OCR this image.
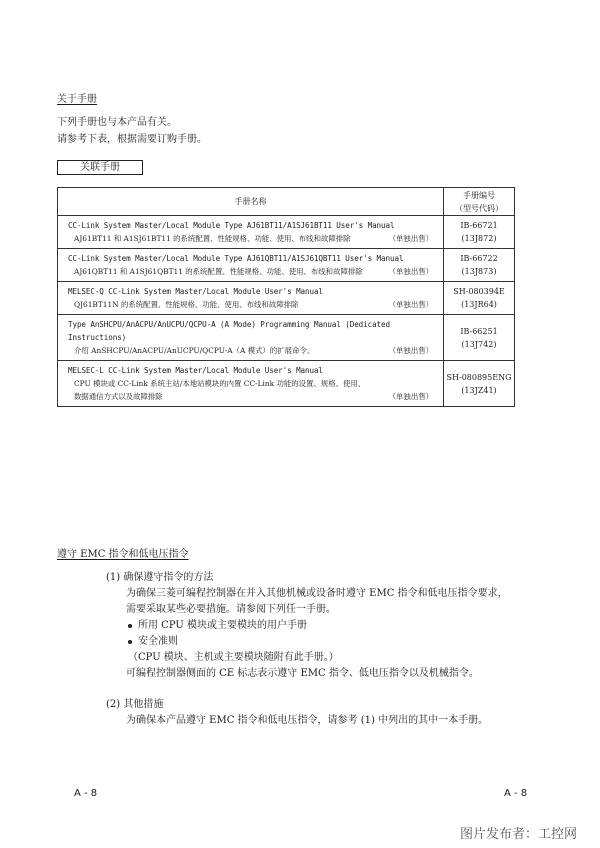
关于手册
下列手册也与本产品有关。
请参考下表，根据需要订购手册。
关联手册
手册名称	手册编号
（型号代码）

CC-Link System Master/Local Module Type AJ61BT11/A1SJ61BT11 User's Manual
AJ61BT11 和 A1SJ61BT11 的系统配置、性能规格、功能、使用、布线和故障排除 （单独出售）	IB-66721
(13J872)

CC-Link System Master/Local Module Type AJ61QBT11/A1SJ61QBT11 User's Manual
AJ61QBT11 和 A1SJ61QBT11 的系统配置、性能规格、功能、使用、布线和故障排除 （单独出售）	IB-66722
(13J873)

MELSEC-Q CC-Link System Master/Local Module User's Manual
QJ61BT11N 的系统配置、性能规格、功能、使用、布线和故障排除 （单独出售）	SH-080394E
(13JR64)

Type AnSHCPU/AnACPU/AnUCPU/QCPU-A (A Mode) Programming Manual (Dedicated Instructions)
介绍 AnSHCPU/AnACPU/AnUCPU/QCPU-A（A 模式）的扩展命令。 （单独出售）	IB-66251
(13J742)

MELSEC-L CC-Link System Master/Local Module User's Manual
CPU 模块或 CC-Link 系统主站/本地站模块的内置 CC-Link 功能的设置、规格、使用、
数据通信方式以及故障排除 （单独出售）	SH-080895ENG
(13JZ41)
遵守 EMC 指令和低电压指令
(1) 确保遵守指令的方法
为确保三菱可编程控制器在并入其他机械或设备时遵守 EMC 指令和低电压指令要求，
需要采取某些必要措施。请参阅下列任一手册。
所用 CPU 模块或主要模块的用户手册
安全准则
（CPU 模块、主机或主要模块随附有此手册。）
可编程控制器侧面的 CE 标志表示遵守 EMC 指令、低电压指令以及机械指令。
(2) 其他措施
为确保本产品遵守 EMC 指令和低电压指令，请参考 (1) 中列出的其中一本手册。
A - 8	A - 8
图片发布者：工控网
